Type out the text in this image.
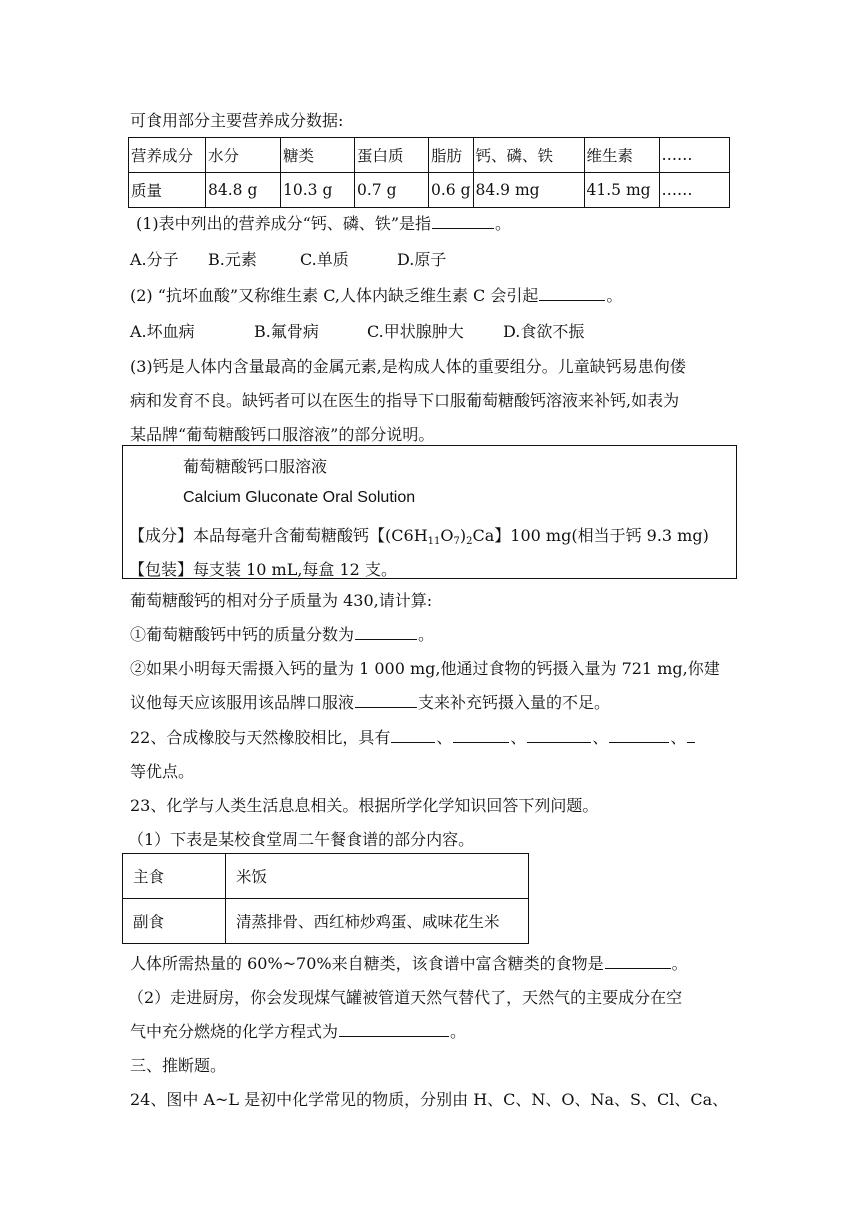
可食用部分主要营养成分数据:
营养成分	水分	糖类	蛋白质	脂肪	钙、磷、铁	维生素	……
质量	84.8 g	10.3 g	0.7 g	0.6 g	84.9 mg	41.5 mg	……
(1)表中列出的营养成分“钙、磷、铁”是指	。
A.分子 B.元素	C.单质	D.原子
(2) “抗坏血酸”又称维生素 C,人体内缺乏维生素 C 会引起	。
A.坏血病	B.氟骨病	C.甲状腺肿大 D.食欲不振
(3)钙是人体内含量最高的金属元素,是构成人体的重要组分。儿童缺钙易患佝偻
病和发育不良。缺钙者可以在医生的指导下口服葡萄糖酸钙溶液来补钙,如表为
某品牌“葡萄糖酸钙口服溶液”的部分说明。
葡萄糖酸钙口服溶液
Calcium Gluconate Oral Solution
【成分】本品每毫升含葡萄糖酸钙【$(C6H_{11}O_7)_2Ca$】100 mg(相当于钙 9.3 mg)
【包装】每支装 10 mL,每盒 12 支。
葡萄糖酸钙的相对分子质量为 430,请计算:
①葡萄糖酸钙中钙的质量分数为	。
②如果小明每天需摄入钙的量为 1 000 mg,他通过食物的钙摄入量为 721 mg,你建
议他每天应该服用该品牌口服液	支来补充钙摄入量的不足。
22、合成橡胶与天然橡胶相比，具有	、	、	、	、
等优点。
23、化学与人类生活息息相关。根据所学化学知识回答下列问题。
（1）下表是某校食堂周二午餐食谱的部分内容。
主食	米饭
副食	清蒸排骨、西红柿炒鸡蛋、咸味花生米
人体所需热量的 60%~70%来自糖类，该食谱中富含糖类的食物是	。
（2）走进厨房，你会发现煤气罐被管道天然气替代了，天然气的主要成分在空
气中充分燃烧的化学方程式为	。
三、推断题。
24、图中 A~L 是初中化学常见的物质，分别由 H、C、N、O、Na、S、Cl、Ca、
